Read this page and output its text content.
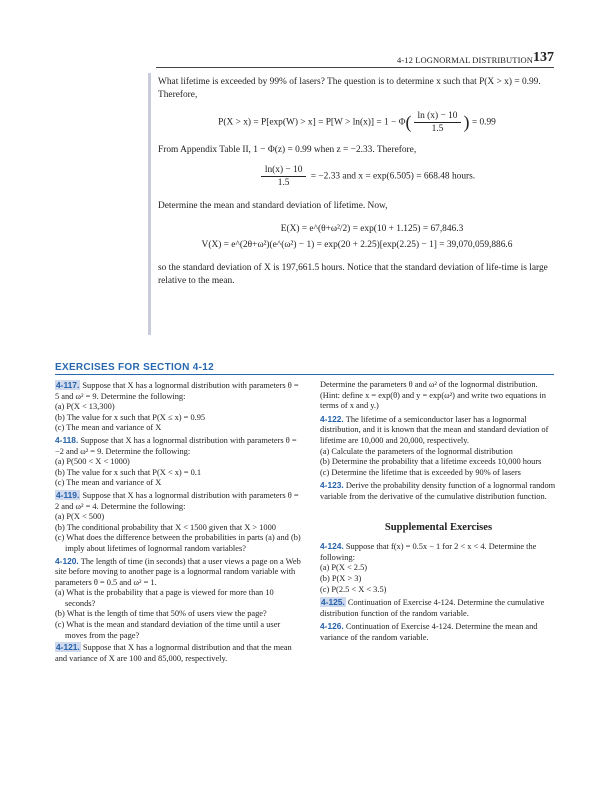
4-12 LOGNORMAL DISTRIBUTION 137

What lifetime is exceeded by 99% of lasers? The question is to determine x such that P(X > x) = 0.99. Therefore,

$P(X > x) = P[\exp(W) > x] = P[W > \ln(x)] = 1 - \Phi( \frac{\ln (x) - 10}{1.5}$ ) = 0.99

From Appendix Table II, 1 − Φ(z) = 0.99 when z = −2.33. Therefore,

$\frac{\ln(x) - 10}{1.5} = -2.33$ and x = exp(6.505) = 668.48 hours.

Determine the mean and standard deviation of lifetime. Now,

E(X) = e^(θ+ω²/2) = exp(10 + 1.125) = 67,846.3
V(X) = e^(2θ+ω²)(e^(ω²) − 1) = exp(20 + 2.25)[exp(2.25) − 1] = 39,070,059,886.6

so the standard deviation of X is 197,661.5 hours. Notice that the standard deviation of life-time is large relative to the mean.

EXERCISES FOR SECTION 4-12
4-117. Suppose that X has a lognormal distribution with parameters θ = 5 and ω² = 9. Determine the following:
(a) P(X < 13,300)
(b) The value for x such that P(X ≤ x) = 0.95
(c) The mean and variance of X
4-118. Suppose that X has a lognormal distribution with parameters θ = −2 and ω² = 9. Determine the following:
(a) P(500 < X < 1000)
(b) The value for x such that P(X < x) = 0.1
(c) The mean and variance of X
4-119. Suppose that X has a lognormal distribution with parameters θ = 2 and ω² = 4. Determine the following:
(a) P(X < 500)
(b) The conditional probability that X < 1500 given that X > 1000
(c) What does the difference between the probabilities in parts (a) and (b) imply about lifetimes of lognormal random variables?
4-120. The length of time (in seconds) that a user views a page on a Web site before moving to another page is a lognormal random variable with parameters θ = 0.5 and ω² = 1.
(a) What is the probability that a page is viewed for more than 10 seconds?
(b) What is the length of time that 50% of users view the page?
(c) What is the mean and standard deviation of the time until a user moves from the page?
4-121. Suppose that X has a lognormal distribution and that the mean and variance of X are 100 and 85,000, respectively.
Determine the parameters θ and ω² of the lognormal distribution. (Hint: define x = exp(θ) and y = exp(ω²) and write two equations in terms of x and y.)
4-122. The lifetime of a semiconductor laser has a lognormal distribution, and it is known that the mean and standard deviation of lifetime are 10,000 and 20,000, respectively.
(a) Calculate the parameters of the lognormal distribution
(b) Determine the probability that a lifetime exceeds 10,000 hours
(c) Determine the lifetime that is exceeded by 90% of lasers
4-123. Derive the probability density function of a lognormal random variable from the derivative of the cumulative distribution function.
Supplemental Exercises
4-124. Suppose that f(x) = 0.5x − 1 for 2 < x < 4. Determine the following:
(a) P(X < 2.5)
(b) P(X > 3)
(c) P(2.5 < X < 3.5)
4-125. Continuation of Exercise 4-124. Determine the cumulative distribution function of the random variable.
4-126. Continuation of Exercise 4-124. Determine the mean and variance of the random variable.
